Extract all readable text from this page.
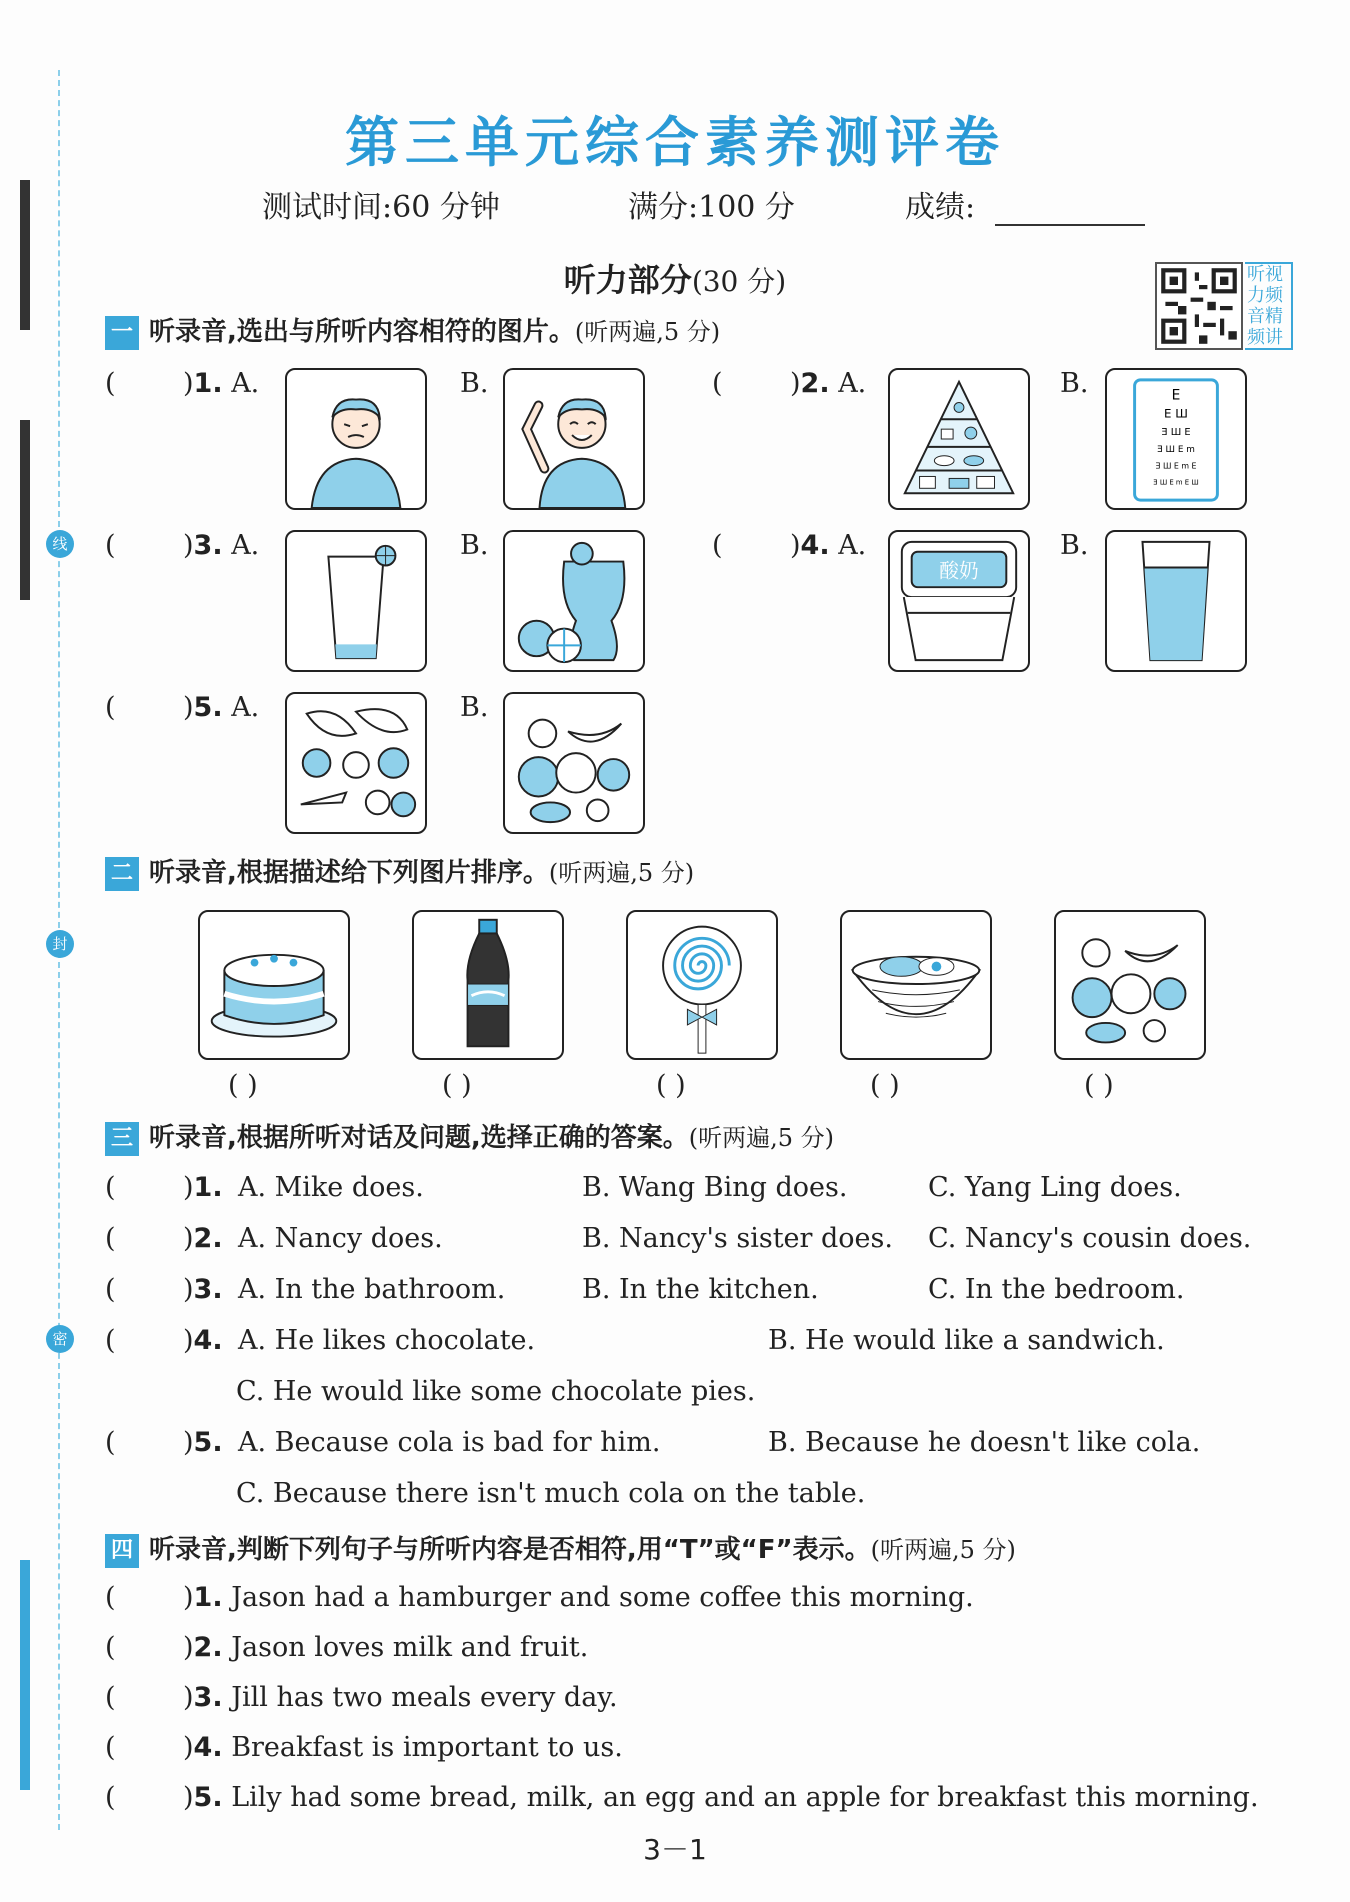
线
封
密
第三单元综合素养测评卷
测试时间:60 分钟	满分:100 分	成绩:
听力部分(30 分)	听视
力频
音精
频讲
一 听录音,选出与所听内容相符的图片。(听两遍,5 分)
( )1. A.	B.	( )2. A.	B.	E
E Ш
Ǝ Ш E
Ǝ Ш E m
Ǝ Ш E m E
Ǝ Ш E m E Ш
( )3. A.	B.	( )4. A.
酸奶
B.
( )5. A.	B.
二 听录音,根据描述给下列图片排序。(听两遍,5 分)
( )	( )	( )	( )	( )
三 听录音,根据所听对话及问题,选择正确的答案。(听两遍,5 分)
( )1. A. Mike does.	B. Wang Bing does.	C. Yang Ling does.
( )2. A. Nancy does.	B. Nancy's sister does. C. Nancy's cousin does.
( )3. A. In the bathroom.	B. In the kitchen.	C. In the bedroom.
( )4. A. He likes chocolate.	B. He would like a sandwich.
C. He would like some chocolate pies.
( )5. A. Because cola is bad for him.	B. Because he doesn't like cola.
C. Because there isn't much cola on the table.
四 听录音,判断下列句子与所听内容是否相符,用“T”或“F”表示。(听两遍,5 分)
( )1. Jason had a hamburger and some coffee this morning.
( )2. Jason loves milk and fruit.
( )3. Jill has two meals every day.
( )4. Breakfast is important to us.
( )5. Lily had some bread, milk, an egg and an apple for breakfast this morning.
3－1
